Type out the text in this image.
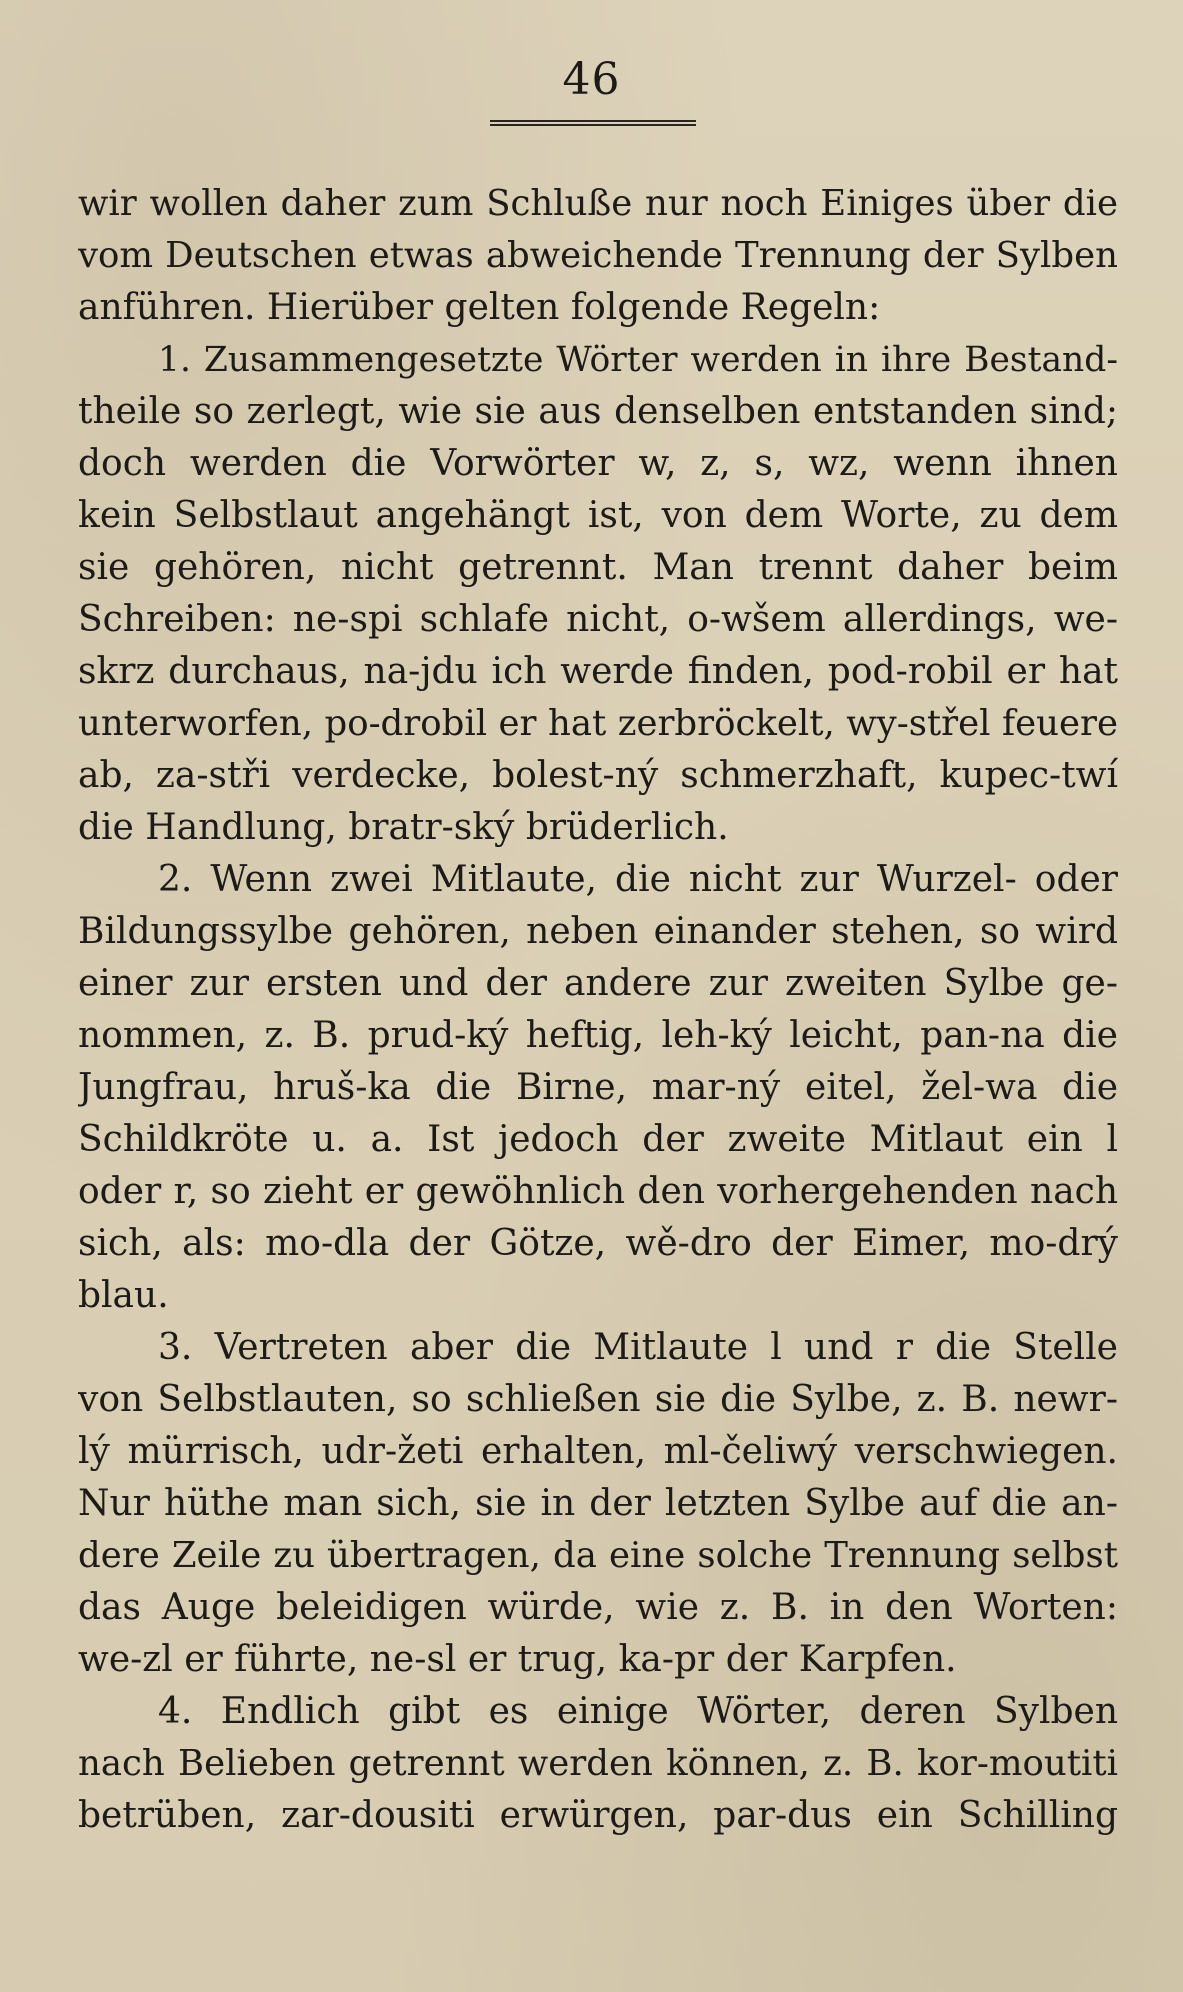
46
wir wollen daher zum Schluße nur noch Einiges über die
vom Deutschen etwas abweichende Trennung der Sylben
anführen. Hierüber gelten folgende Regeln:
1. Zusammengesetzte Wörter werden in ihre Bestand-
theile so zerlegt, wie sie aus denselben entstanden sind;
doch werden die Vorwörter w, z, s, wz, wenn ihnen
kein Selbstlaut angehängt ist, von dem Worte, zu dem
sie gehören, nicht getrennt. Man trennt daher beim
Schreiben: ne-spi schlafe nicht, o-wšem allerdings, we-
skrz durchaus, na-jdu ich werde finden, pod-robil er hat
unterworfen, po-drobil er hat zerbröckelt, wy-střel feuere
ab, za-stři verdecke, bolest-ný schmerzhaft, kupec-twí
die Handlung, bratr-ský brüderlich.
2. Wenn zwei Mitlaute, die nicht zur Wurzel- oder
Bildungssylbe gehören, neben einander stehen, so wird
einer zur ersten und der andere zur zweiten Sylbe ge-
nommen, z. B. prud-ký heftig, leh-ký leicht, pan-na die
Jungfrau, hruš-ka die Birne, mar-ný eitel, žel-wa die
Schildkröte u. a. Ist jedoch der zweite Mitlaut ein l
oder r, so zieht er gewöhnlich den vorhergehenden nach
sich, als: mo-dla der Götze, wě-dro der Eimer, mo-drý
blau.
3. Vertreten aber die Mitlaute l und r die Stelle
von Selbstlauten, so schließen sie die Sylbe, z. B. newr-
lý mürrisch, udr-žeti erhalten, ml-čeliwý verschwiegen.
Nur hüthe man sich, sie in der letzten Sylbe auf die an-
dere Zeile zu übertragen, da eine solche Trennung selbst
das Auge beleidigen würde, wie z. B. in den Worten:
we-zl er führte, ne-sl er trug, ka-pr der Karpfen.
4. Endlich gibt es einige Wörter, deren Sylben
nach Belieben getrennt werden können, z. B. kor-moutiti
betrüben, zar-dousiti erwürgen, par-dus ein Schilling
